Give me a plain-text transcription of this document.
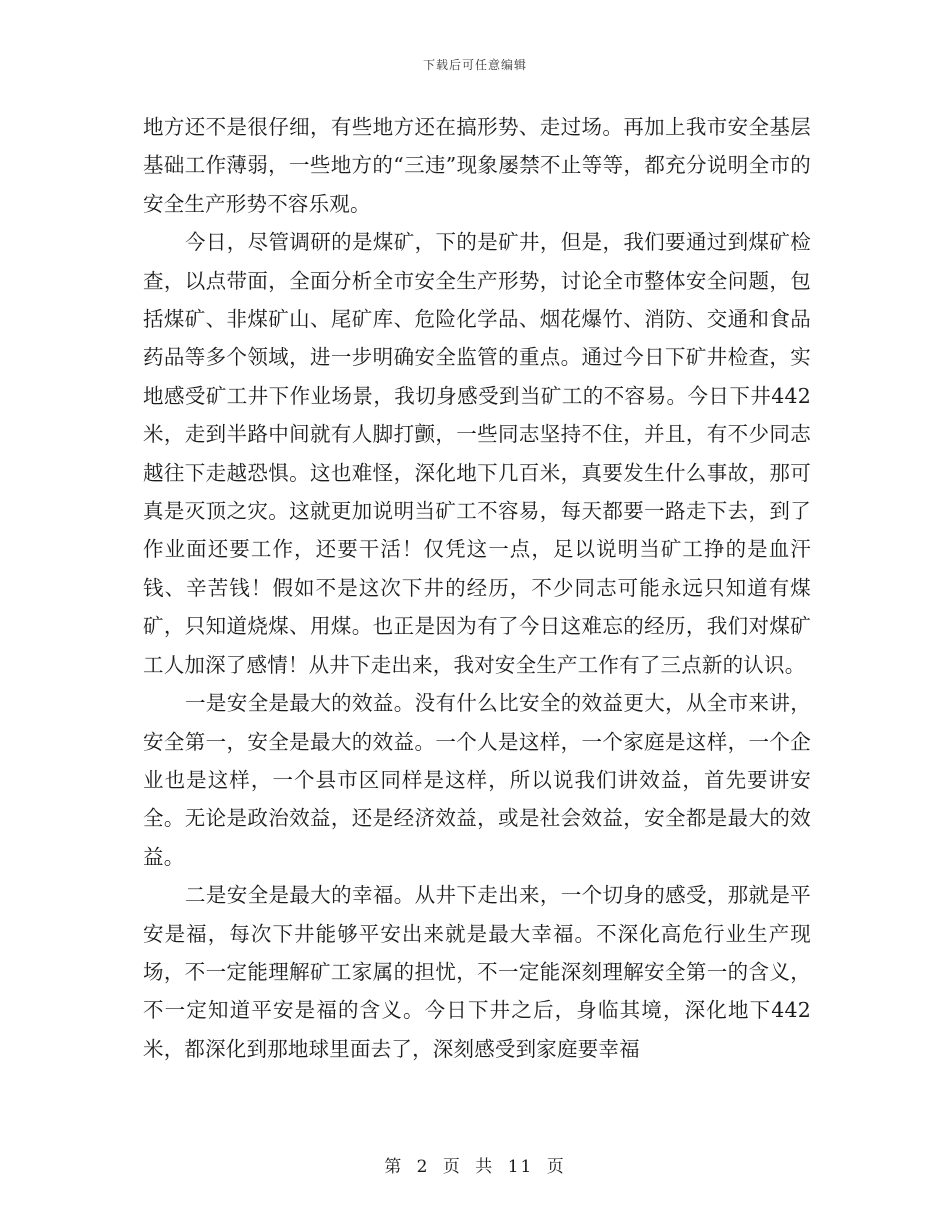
下载后可任意编辑

地方还不是很仔细，有些地方还在搞形势、走过场。再加上我市安全基层基础工作薄弱，一些地方的“三违”现象屡禁不止等等，都充分说明全市的安全生产形势不容乐观。

今日，尽管调研的是煤矿，下的是矿井，但是，我们要通过到煤矿检查，以点带面，全面分析全市安全生产形势，讨论全市整体安全问题，包括煤矿、非煤矿山、尾矿库、危险化学品、烟花爆竹、消防、交通和食品药品等多个领域，进一步明确安全监管的重点。通过今日下矿井检查，实地感受矿工井下作业场景，我切身感受到当矿工的不容易。今日下井442米，走到半路中间就有人脚打颤，一些同志坚持不住，并且，有不少同志越往下走越恐惧。这也难怪，深化地下几百米，真要发生什么事故，那可真是灭顶之灾。这就更加说明当矿工不容易，每天都要一路走下去，到了作业面还要工作，还要干活！仅凭这一点，足以说明当矿工挣的是血汗钱、辛苦钱！假如不是这次下井的经历，不少同志可能永远只知道有煤矿，只知道烧煤、用煤。也正是因为有了今日这难忘的经历，我们对煤矿工人加深了感情！从井下走出来，我对安全生产工作有了三点新的认识。

一是安全是最大的效益。没有什么比安全的效益更大，从全市来讲，安全第一，安全是最大的效益。一个人是这样，一个家庭是这样，一个企业也是这样，一个县市区同样是这样，所以说我们讲效益，首先要讲安全。无论是政治效益，还是经济效益，或是社会效益，安全都是最大的效益。

二是安全是最大的幸福。从井下走出来，一个切身的感受，那就是平安是福，每次下井能够平安出来就是最大幸福。不深化高危行业生产现场，不一定能理解矿工家属的担忧，不一定能深刻理解安全第一的含义，不一定知道平安是福的含义。今日下井之后，身临其境，深化地下442米，都深化到那地球里面去了，深刻感受到家庭要幸福

第 2 页 共 11 页
